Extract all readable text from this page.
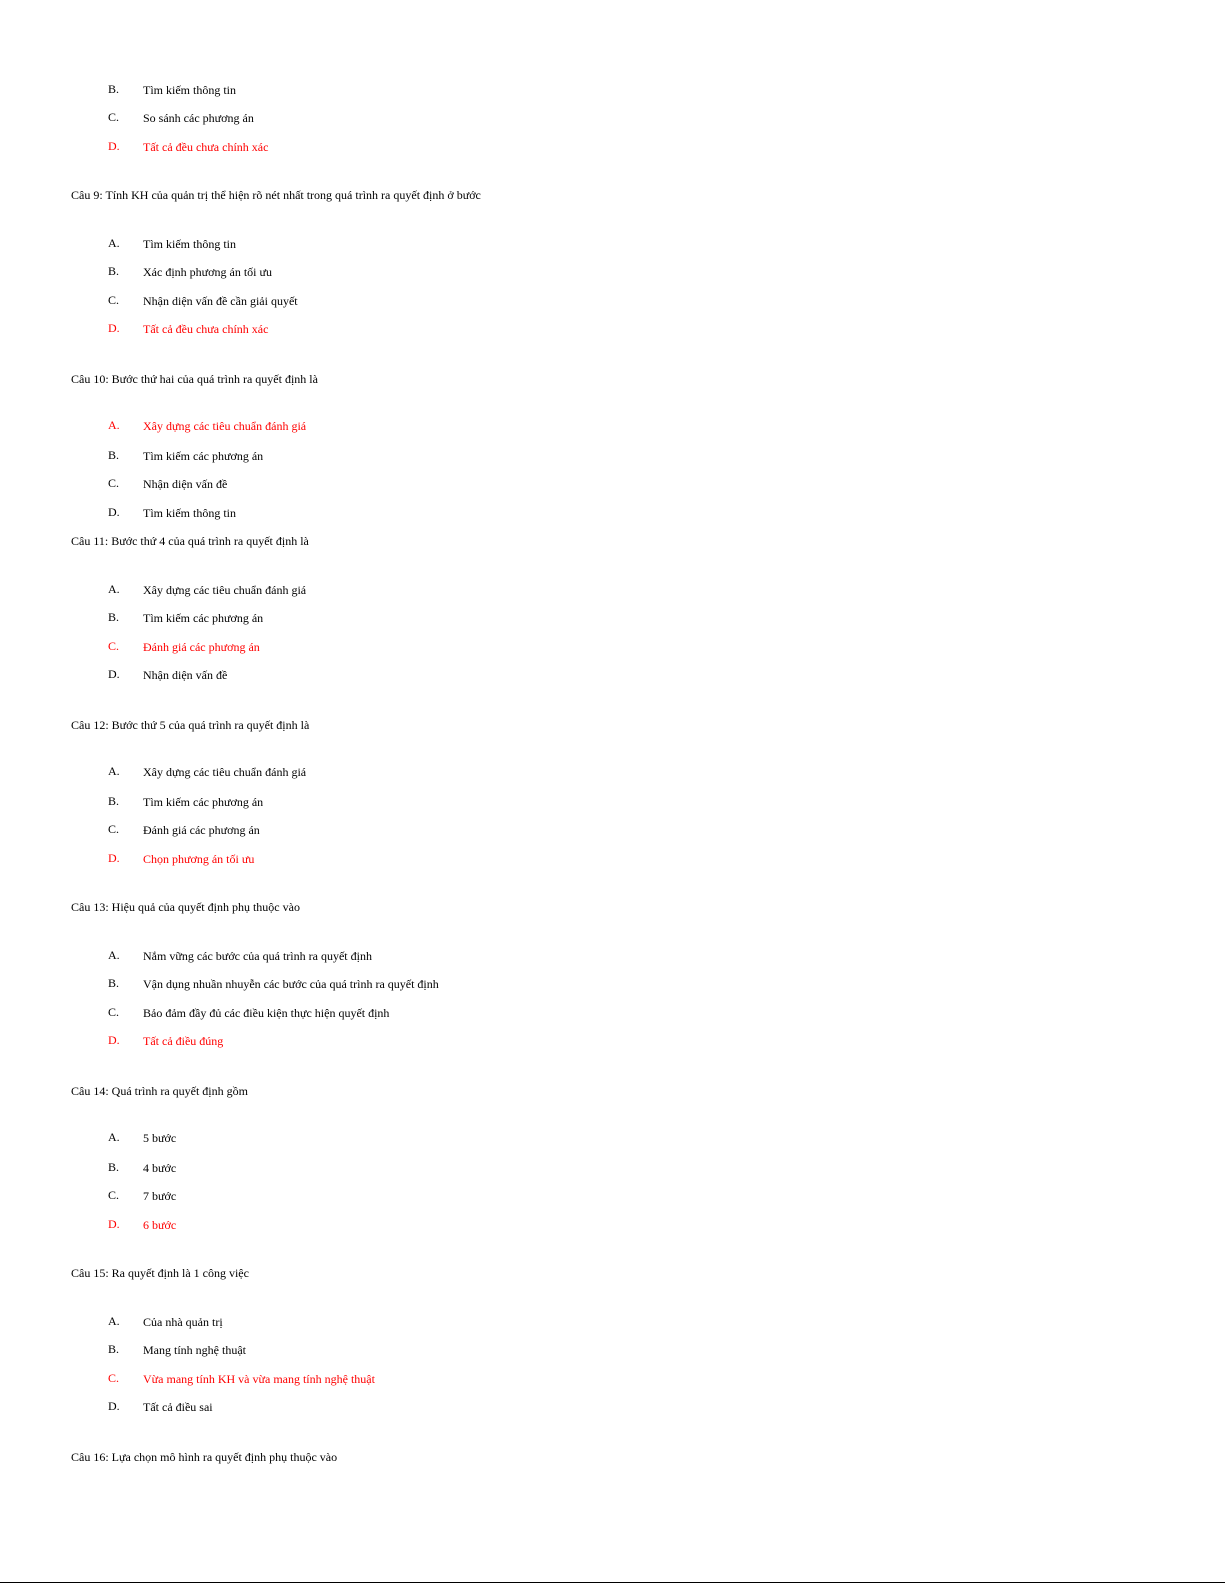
B. Tìm kiếm thông tin
C. So sánh các phương án
D. Tất cả đều chưa chính xác
Câu 9: Tính KH của quản trị thể hiện rõ nét nhất trong quá trình ra quyết định ở bước
A. Tìm kiếm thông tin
B. Xác định phương án tối ưu
C. Nhận diện vấn đề cần giải quyết
D. Tất cả đều chưa chính xác
Câu 10: Bước thứ hai của quá trình ra quyết định là
A. Xây dựng các tiêu chuẩn đánh giá
B. Tìm kiếm các phương án
C. Nhận diện vấn đề
D. Tìm kiếm thông tin
Câu 11: Bước thứ 4 của quá trình ra quyết định là
A. Xây dựng các tiêu chuẩn đánh giá
B. Tìm kiếm các phương án
C. Đánh giá các phương án
D. Nhận diện vấn đề
Câu 12: Bước thứ 5 của quá trình ra quyết định là
A. Xây dựng các tiêu chuẩn đánh giá
B. Tìm kiếm các phương án
C. Đánh giá các phương án
D. Chọn phương án tối ưu
Câu 13: Hiệu quả của quyết định phụ thuộc vào
A. Nắm vững các bước của quá trình ra quyết định
B. Vận dụng nhuần nhuyễn các bước của quá trình ra quyết định
C. Bảo đảm đầy đủ các điều kiện thực hiện quyết định
D. Tất cả điều đúng
Câu 14: Quá trình ra quyết định gồm
A. 5 bước
B. 4 bước
C. 7 bước
D. 6 bước
Câu 15: Ra quyết định là 1 công việc
A. Của nhà quản trị
B. Mang tính nghệ thuật
C. Vừa mang tính KH và vừa mang tính nghệ thuật
D. Tất cả điều sai
Câu 16: Lựa chọn mô hình ra quyết định phụ thuộc vào
